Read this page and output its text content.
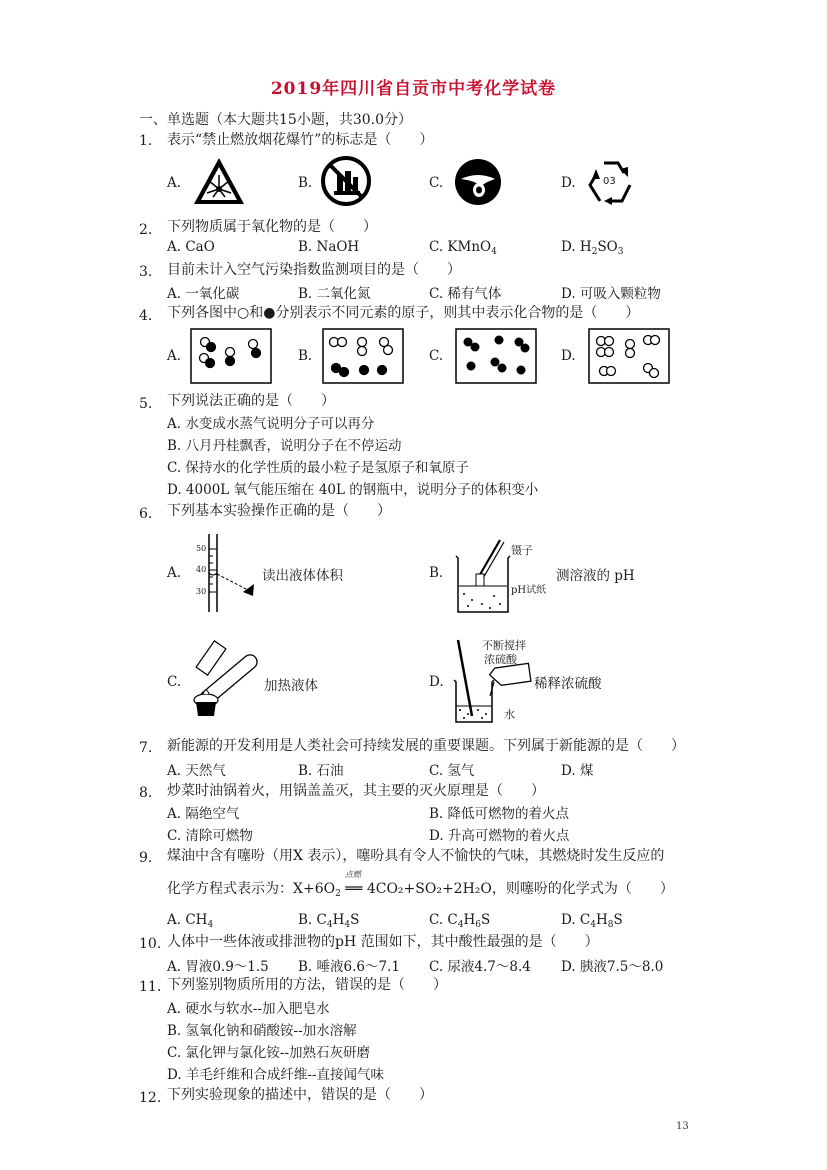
2019年四川省自贡市中考化学试卷
一、单选题（本大题共15小题，共30.0分）
1. 表示“禁止燃放烟花爆竹”的标志是（　　）
A.	B.	C.	D.	03
2. 下列物质属于氧化物的是（　　）
A. CaO	B. NaOH	C. KMnO$_4$	D. $H_2SO_3$
3. 目前未计入空气污染指数监测项目的是（　　）
A. 一氧化碳	B. 二氧化氮	C. 稀有气体	D. 可吸入颗粒物
4. 下列各图中○和●分别表示不同元素的原子，则其中表示化合物的是（　　）
A.	B.	C.	D.
5. 下列说法正确的是（　　）
A. 水变成水蒸气说明分子可以再分
B. 八月丹桂飘香，说明分子在不停运动
C. 保持水的化学性质的最小粒子是氢原子和氧原子
D. 4000L 氧气能压缩在 40L 的钢瓶中，说明分子的体积变小
6. 下列基本实验操作正确的是（　　）
A.
50
40
30
读出液体体积	B.
镊子
pH试纸
测溶液的 pH
C.	加热液体	D.
不断搅拌
浓硫酸
水
稀释浓硫酸
7. 新能源的开发利用是人类社会可持续发展的重要课题。下列属于新能源的是（　　）
A. 天然气	B. 石油	C. 氢气	D. 煤
8. 炒菜时油锅着火，用锅盖盖灭，其主要的灭火原理是（　　）
A. 隔绝空气	B. 降低可燃物的着火点
C. 清除可燃物	D. 升高可燃物的着火点
9. 煤油中含有噻吩（用X 表示），噻吩具有令人不愉快的气味，其燃烧时发生反应的
化学方程式表示为：$X+6O_2$
点燃
══ 4CO₂+SO₂+2H₂O，则噻吩的化学式为（　　）
A. $CH_4$	B. $C_4H_4S$	C. $C_4H_6S$	D. $C_4H_8S$
10. 人体中一些体液或排泄物的pH 范围如下，其中酸性最强的是（　　）
A. 胃液0.9～1.5 B. 唾液6.6～7.1 C. 尿液4.7～8.4 D. 胰液7.5～8.0
11. 下列鉴别物质所用的方法，错误的是（　　）
A. 硬水与软水--加入肥皂水
B. 氢氧化钠和硝酸铵--加水溶解
C. 氯化钾与氯化铵--加熟石灰研磨
D. 羊毛纤维和合成纤维--直接闻气味
12. 下列实验现象的描述中，错误的是（　　）
13
